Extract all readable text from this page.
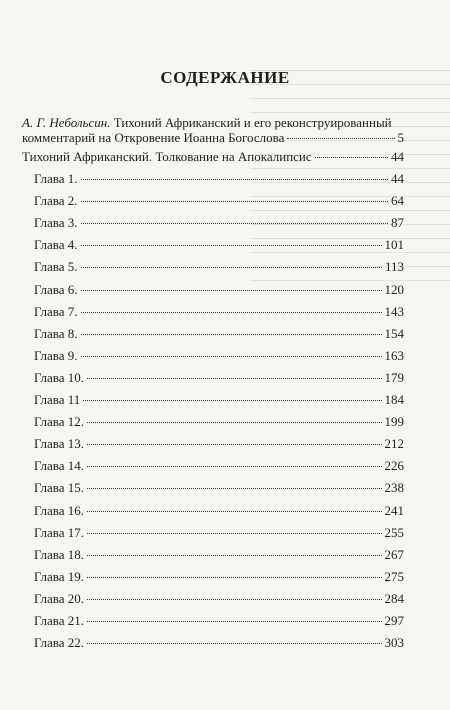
СОДЕРЖАНИЕ
А. Г. Небольсин. Тихоний Африканский и его реконструированный
комментарий на Откровение Иоанна Богослова	5
Тихоний Африканский. Толкование на Апокалипсис	44
Глава 1.	44
Глава 2.	64
Глава 3.	87
Глава 4.	101
Глава 5.	113
Глава 6.	120
Глава 7.	143
Глава 8.	154
Глава 9.	163
Глава 10.	179
Глава 11	184
Глава 12.	199
Глава 13.	212
Глава 14.	226
Глава 15.	238
Глава 16.	241
Глава 17.	255
Глава 18.	267
Глава 19.	275
Глава 20.	284
Глава 21.	297
Глава 22.	303
